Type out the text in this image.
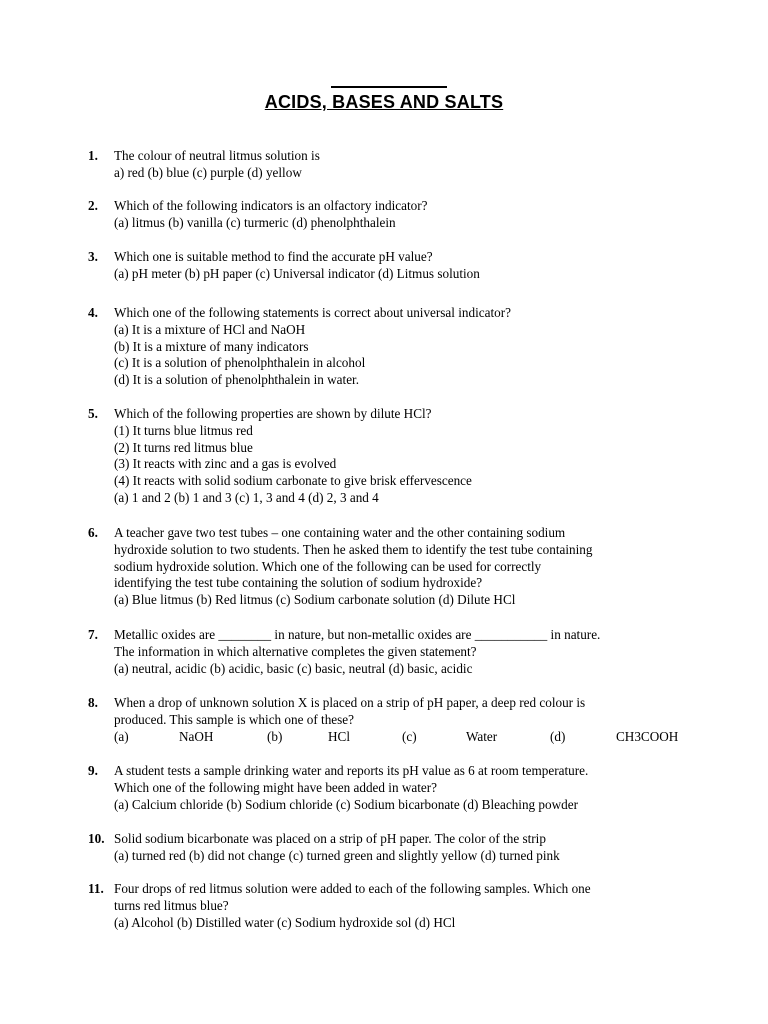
ACIDS, BASES AND SALTS
1. The colour of neutral litmus solution is
a) red (b) blue (c) purple (d) yellow
2. Which of the following indicators is an olfactory indicator?
(a) litmus (b) vanilla (c) turmeric (d) phenolphthalein
3. Which one is suitable method to find the accurate pH value?
(a) pH meter (b) pH paper (c) Universal indicator (d) Litmus solution
4. Which one of the following statements is correct about universal indicator?
(a) It is a mixture of HCl and NaOH
(b) It is a mixture of many indicators
(c) It is a solution of phenolphthalein in alcohol
(d) It is a solution of phenolphthalein in water.
5. Which of the following properties are shown by dilute HCl?
(1) It turns blue litmus red
(2) It turns red litmus blue
(3) It reacts with zinc and a gas is evolved
(4) It reacts with solid sodium carbonate to give brisk effervescence
(a) 1 and 2 (b) 1 and 3 (c) 1, 3 and 4 (d) 2, 3 and 4
6. A teacher gave two test tubes – one containing water and the other containing sodium
hydroxide solution to two students. Then he asked them to identify the test tube containing
sodium hydroxide solution. Which one of the following can be used for correctly
identifying the test tube containing the solution of sodium hydroxide?
(a) Blue litmus (b) Red litmus (c) Sodium carbonate solution (d) Dilute HCl
7. Metallic oxides are ________ in nature, but non-metallic oxides are ___________ in nature.
The information in which alternative completes the given statement?
(a) neutral, acidic (b) acidic, basic (c) basic, neutral (d) basic, acidic
8. When a drop of unknown solution X is placed on a strip of pH paper, a deep red colour is
produced. This sample is which one of these?
(a)	NaOH	(b)	HCl	(c)	Water	(d)	CH3COOH
9. A student tests a sample drinking water and reports its pH value as 6 at room temperature.
Which one of the following might have been added in water?
(a) Calcium chloride (b) Sodium chloride (c) Sodium bicarbonate (d) Bleaching powder
10. Solid sodium bicarbonate was placed on a strip of pH paper. The color of the strip
(a) turned red (b) did not change (c) turned green and slightly yellow (d) turned pink
11. Four drops of red litmus solution were added to each of the following samples. Which one
turns red litmus blue?
(a) Alcohol (b) Distilled water (c) Sodium hydroxide sol (d) HCl
